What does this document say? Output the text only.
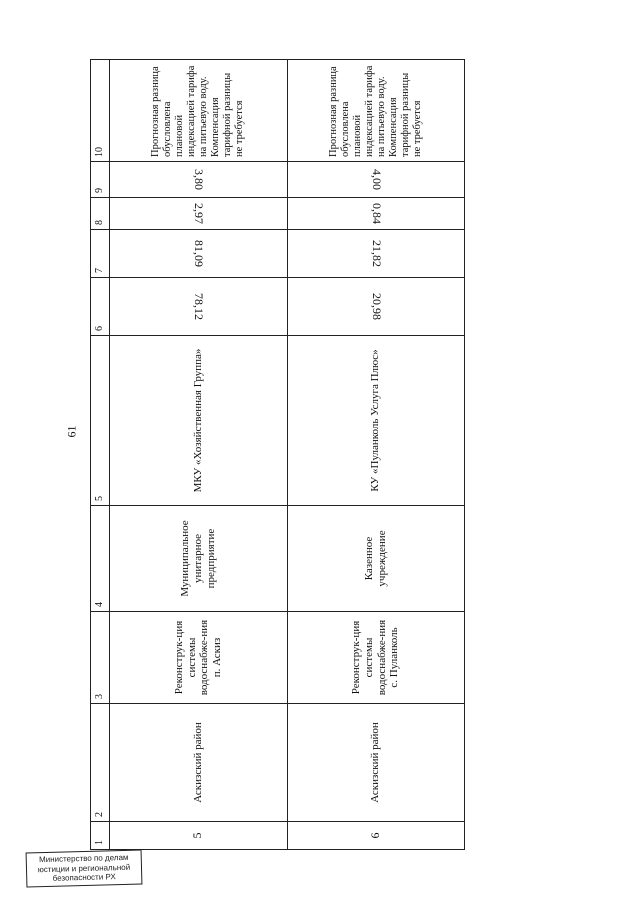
61
1	2	3	4	5	6	7	8	9	10
5	Аскизский район	Реконструк-ция системы водоснабже-ния п. Аскиз	Муниципальное унитарное предприятие	МКУ «Хозяйственная Группа»	78,12	81,09	2,97	3,80	Прогнозная разница обусловлена плановой индексацией тарифа на питьевую воду. Компенсация тарифной разницы не требуется
6	Аскизский район	Реконструк-ция системы водоснабже-ния с. Пуланколь	Казенное учреждение	КУ «Пуланколь Услуга Плюс»	20,98	21,82	0,84	4,00	Прогнозная разница обусловлена плановой индексацией тарифа на питьевую воду. Компенсация тарифной разницы не требуется
Министерство по делам
юстиции и региональной
безопасности РХ
